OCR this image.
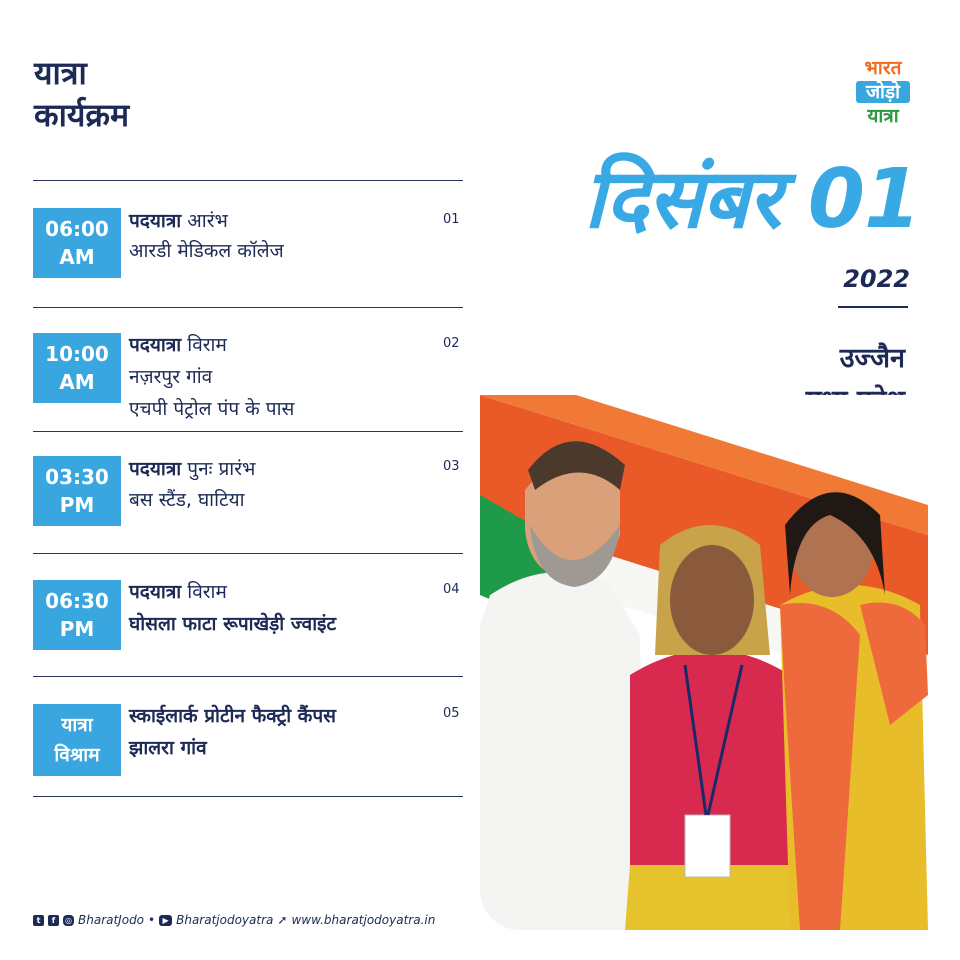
यात्रा
कार्यक्रम
06:00
AM
पदयात्रा आरंभ
आरडी मेडिकल कॉलेज
01
10:00
AM
पदयात्रा विराम
नज़रपुर गांव
एचपी पेट्रोल पंप के पास
02
03:30
PM
पदयात्रा पुनः प्रारंभ
बस स्टैंड, घाटिया
03
06:30
PM
पदयात्रा विराम
घोसला फाटा रूपाखेड़ी ज्वाइंट
04
यात्रा
विश्राम
स्काईलार्क प्रोटीन फैक्ट्री कैंपस
झालरा गांव
05
t	f	◎ BharatJodo • ▶ Bharatjodoyatra ➚ www.bharatjodoyatra.in
भारत
जोड़ो
यात्रा
दिसंबर 01
2022
उज्जैन
